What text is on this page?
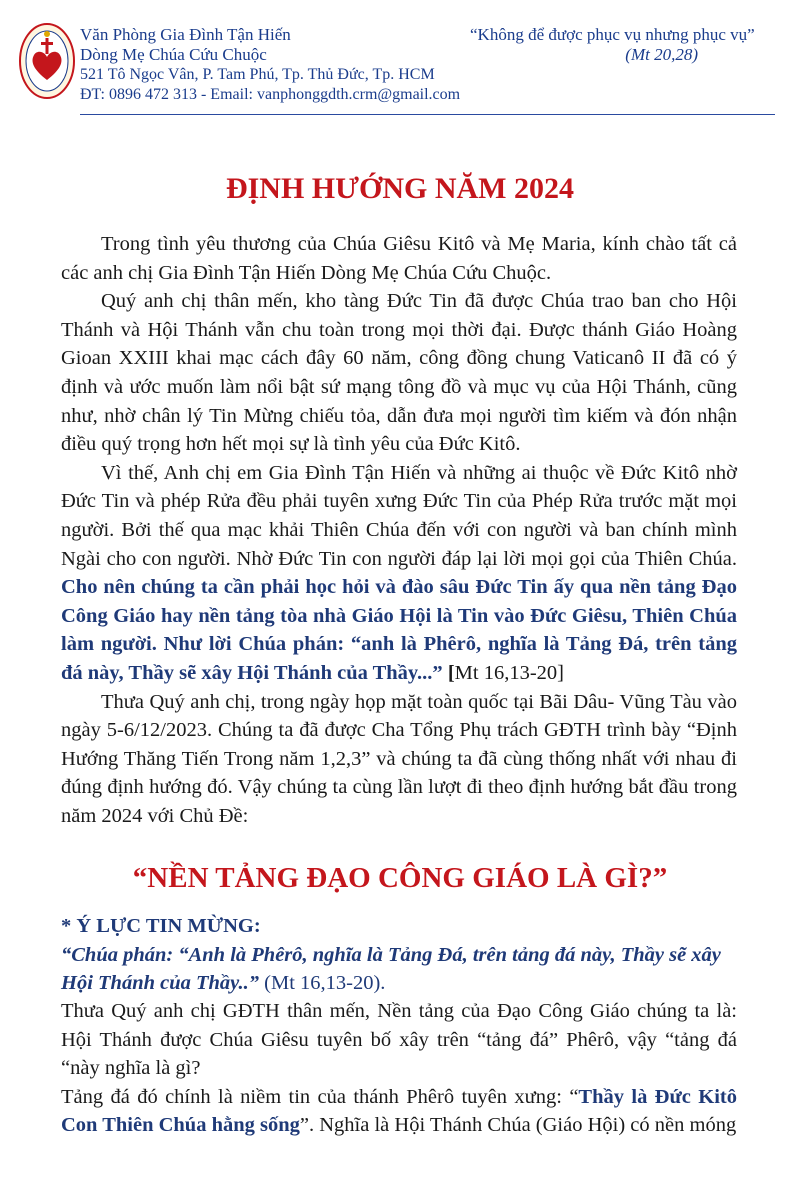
Văn Phòng Gia Đình Tận Hiến
Dòng Mẹ Chúa Cứu Chuộc
521 Tô Ngọc Vân, P. Tam Phú, Tp. Thủ Đức, Tp. HCM
ĐT: 0896 472 313 - Email: vanphonggdth.crm@gmail.com
“Không để được phục vụ nhưng phục vụ”
(Mt 20,28)
ĐỊNH HƯỚNG NĂM 2024

Trong tình yêu thương của Chúa Giêsu Kitô và Mẹ Maria, kính chào tất cả các anh chị Gia Đình Tận Hiến Dòng Mẹ Chúa Cứu Chuộc.

Quý anh chị thân mến, kho tàng Đức Tin đã được Chúa trao ban cho Hội Thánh và Hội Thánh vẫn chu toàn trong mọi thời đại. Được thánh Giáo Hoàng Gioan XXIII khai mạc cách đây 60 năm, công đồng chung Vaticanô II đã có ý định và ước muốn làm nổi bật sứ mạng tông đồ và mục vụ của Hội Thánh, cũng như, nhờ chân lý Tin Mừng chiếu tỏa, dẫn đưa mọi người tìm kiếm và đón nhận điều quý trọng hơn hết mọi sự là tình yêu của Đức Kitô.

Vì thế, Anh chị em Gia Đình Tận Hiến và những ai thuộc về Đức Kitô nhờ Đức Tin và phép Rửa đều phải tuyên xưng Đức Tin của Phép Rửa trước mặt mọi người. Bởi thế qua mạc khải Thiên Chúa đến với con người và ban chính mình Ngài cho con người. Nhờ Đức Tin con người đáp lại lời mọi gọi của Thiên Chúa. Cho nên chúng ta cần phải học hỏi và đào sâu Đức Tin ấy qua nền tảng Đạo Công Giáo hay nền tảng tòa nhà Giáo Hội là Tin vào Đức Giêsu, Thiên Chúa làm người. Như lời Chúa phán: “anh là Phêrô, nghĩa là Tảng Đá, trên tảng đá này, Thầy sẽ xây Hội Thánh của Thầy...” [Mt 16,13-20]

Thưa Quý anh chị, trong ngày họp mặt toàn quốc tại Bãi Dâu- Vũng Tàu vào ngày 5-6/12/2023. Chúng ta đã được Cha Tổng Phụ trách GĐTH trình bày “Định Hướng Thăng Tiến Trong năm 1,2,3” và chúng ta đã cùng thống nhất với nhau đi đúng định hướng đó. Vậy chúng ta cùng lần lượt đi theo định hướng bắt đầu trong năm 2024 với Chủ Đề:

“NỀN TẢNG ĐẠO CÔNG GIÁO LÀ GÌ?”
* Ý LỰC TIN MỪNG:
“Chúa phán: “Anh là Phêrô, nghĩa là Tảng Đá, trên tảng đá này, Thầy sẽ xây Hội Thánh của Thầy..” (Mt 16,13-20).

Thưa Quý anh chị GĐTH thân mến, Nền tảng của Đạo Công Giáo chúng ta là: Hội Thánh được Chúa Giêsu tuyên bố xây trên “tảng đá” Phêrô, vậy “tảng đá “này nghĩa là gì?

Tảng đá đó chính là niềm tin của thánh Phêrô tuyên xưng: “Thầy là Đức Kitô Con Thiên Chúa hằng sống”. Nghĩa là Hội Thánh Chúa (Giáo Hội) có nền móng
